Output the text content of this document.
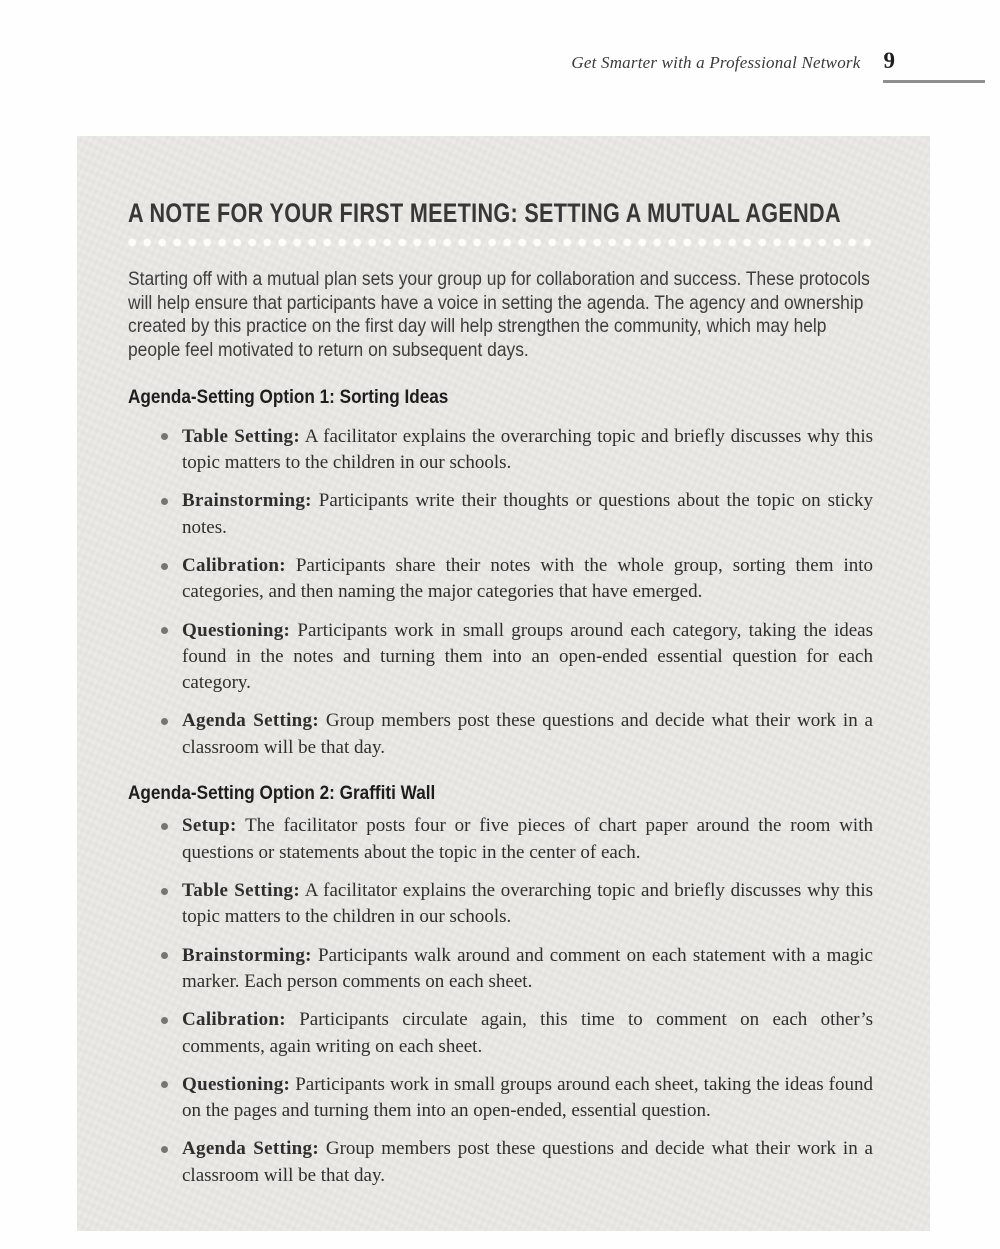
Get Smarter with a Professional Network 9
A NOTE FOR YOUR FIRST MEETING: SETTING A MUTUAL AGENDA

Starting off with a mutual plan sets your group up for collaboration and success. These protocols will help ensure that participants have a voice in setting the agenda. The agency and ownership created by this practice on the first day will help strengthen the community, which may help people feel motivated to return on subsequent days.

Agenda-Setting Option 1: Sorting Ideas
Table Setting: A facilitator explains the overarching topic and briefly discusses why this topic matters to the children in our schools.
Brainstorming: Participants write their thoughts or questions about the topic on sticky notes.
Calibration: Participants share their notes with the whole group, sorting them into categories, and then naming the major categories that have emerged.
Questioning: Participants work in small groups around each category, taking the ideas found in the notes and turning them into an open-ended essential question for each category.
Agenda Setting: Group members post these questions and decide what their work in a classroom will be that day.
Agenda-Setting Option 2: Graffiti Wall
Setup: The facilitator posts four or five pieces of chart paper around the room with questions or statements about the topic in the center of each.
Table Setting: A facilitator explains the overarching topic and briefly discusses why this topic matters to the children in our schools.
Brainstorming: Participants walk around and comment on each statement with a magic marker. Each person comments on each sheet.
Calibration: Participants circulate again, this time to comment on each other’s comments, again writing on each sheet.
Questioning: Participants work in small groups around each sheet, taking the ideas found on the pages and turning them into an open-ended, essential question.
Agenda Setting: Group members post these questions and decide what their work in a classroom will be that day.
